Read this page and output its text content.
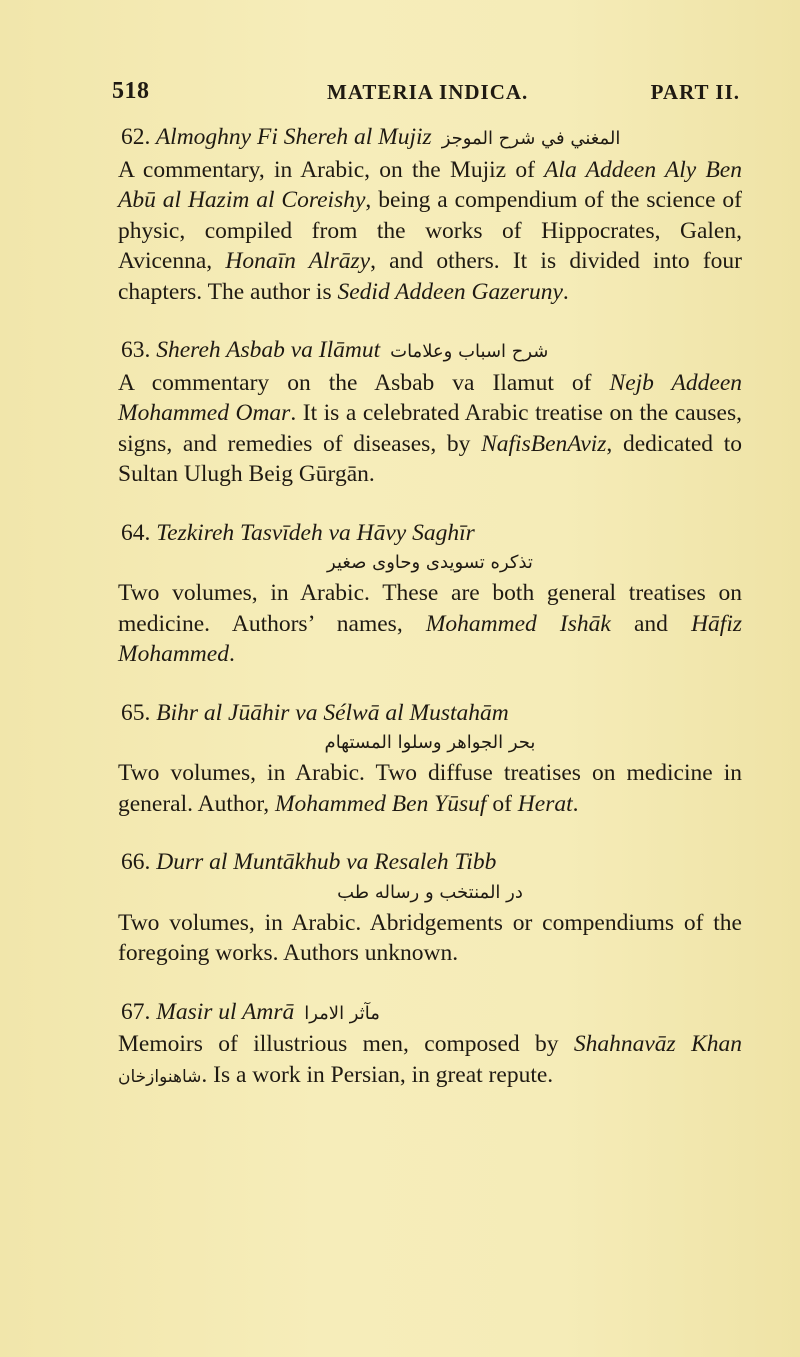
518	MATERIA INDICA.	PART II.
62. Almoghny Fi Shereh al Mujiz المغني في شرح الموجز

A commentary, in Arabic, on the Mujiz of Ala Addeen Aly Ben Abū al Hazim al Coreishy, being a compendium of the science of physic, compiled from the works of Hippocrates, Galen, Avicenna, Honaīn Alrāzy, and others. It is divided into four chapters. The author is Sedid Addeen Gazeruny.

63. Shereh Asbab va Ilāmut شرح اسباب وعلامات

A commentary on the Asbab va Ilamut of Nejb Addeen Mohammed Omar. It is a celebrated Arabic treatise on the causes, signs, and remedies of diseases, by NafisBenAviz, dedicated to Sultan Ulugh Beig Gūrgān.

64. Tezkireh Tasvīdeh va Hāvy Saghīr
تذكره تسويدى وحاوى صغير

Two volumes, in Arabic. These are both general treatises on medicine. Authors’ names, Mohammed Ishāk and Hāfiz Mohammed.

65. Bihr al Jūāhir va Sélwā al Mustahām
بحر الجواهر وسلوا المستهام

Two volumes, in Arabic. Two diffuse treatises on medicine in general. Author, Mohammed Ben Yūsuf of Herat.

66. Durr al Muntākhub va Resaleh Tibb
در المنتخب و رساله طب

Two volumes, in Arabic. Abridgements or compendiums of the foregoing works. Authors unknown.

67. Masir ul Amrā مآثر الامرا

Memoirs of illustrious men, composed by Shahnavāz Khan شاهنوازخان. Is a work in Persian, in great repute.
